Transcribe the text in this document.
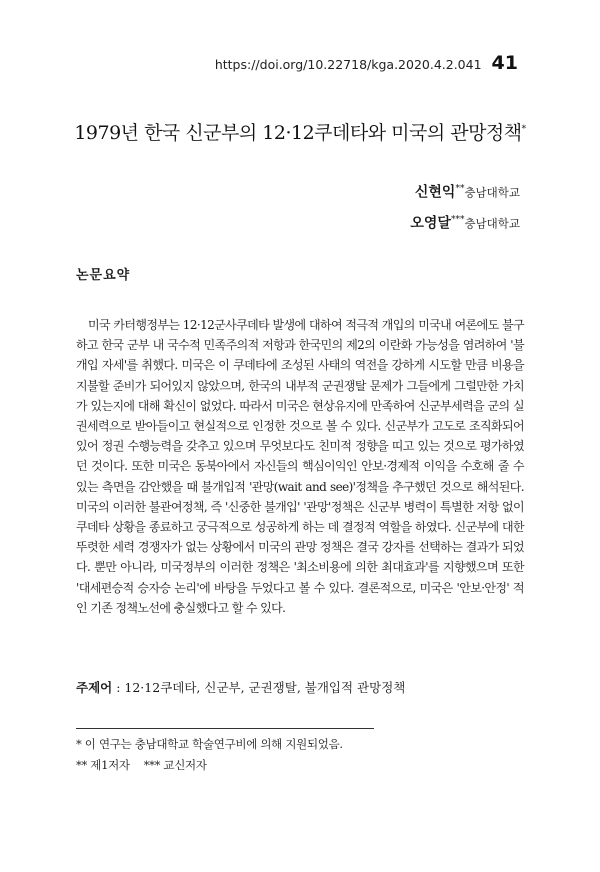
https://doi.org/10.22718/kga.2020.4.2.041 41
1979년 한국 신군부의 12·12쿠데타와 미국의 관망정책*
신현익**충남대학교
오영달***충남대학교
논문요약

미국 카터행정부는 12·12군사쿠데타 발생에 대하여 적극적 개입의 미국내 여론에도 불구하고 한국 군부 내 국수적 민족주의적 저항과 한국민의 제2의 이란화 가능성을 염려하여 '불개입 자세'를 취했다. 미국은 이 쿠데타에 조성된 사태의 역전을 강하게 시도할 만큼 비용을 지불할 준비가 되어있지 않았으며, 한국의 내부적 군권쟁탈 문제가 그들에게 그럴만한 가치가 있는지에 대해 확신이 없었다. 따라서 미국은 현상유지에 만족하여 신군부세력을 군의 실권세력으로 받아들이고 현실적으로 인정한 것으로 볼 수 있다. 신군부가 고도로 조직화되어 있어 정권 수행능력을 갖추고 있으며 무엇보다도 친미적 정향을 띠고 있는 것으로 평가하였던 것이다. 또한 미국은 동북아에서 자신들의 핵심이익인 안보·경제적 이익을 수호해 줄 수 있는 측면을 감안했을 때 불개입적 '관망(wait and see)'정책을 추구했던 것으로 해석된다. 미국의 이러한 불관여정책, 즉 '신중한 불개입' '관망'정책은 신군부 병력이 특별한 저항 없이 쿠데타 상황을 종료하고 궁극적으로 성공하게 하는 데 결정적 역할을 하였다. 신군부에 대한 뚜렷한 세력 경쟁자가 없는 상황에서 미국의 관망 정책은 결국 강자를 선택하는 결과가 되었다. 뿐만 아니라, 미국정부의 이러한 정책은 '최소비용에 의한 최대효과'를 지향했으며 또한 '대세편승적 승자승 논리'에 바탕을 두었다고 볼 수 있다. 결론적으로, 미국은 '안보·안정' 적인 기존 정책노선에 충실했다고 할 수 있다.

주제어 : 12·12쿠데타, 신군부, 군권쟁탈, 불개입적 관망정책
* 이 연구는 충남대학교 학술연구비에 의해 지원되었음.
** 제1저자 *** 교신저자
